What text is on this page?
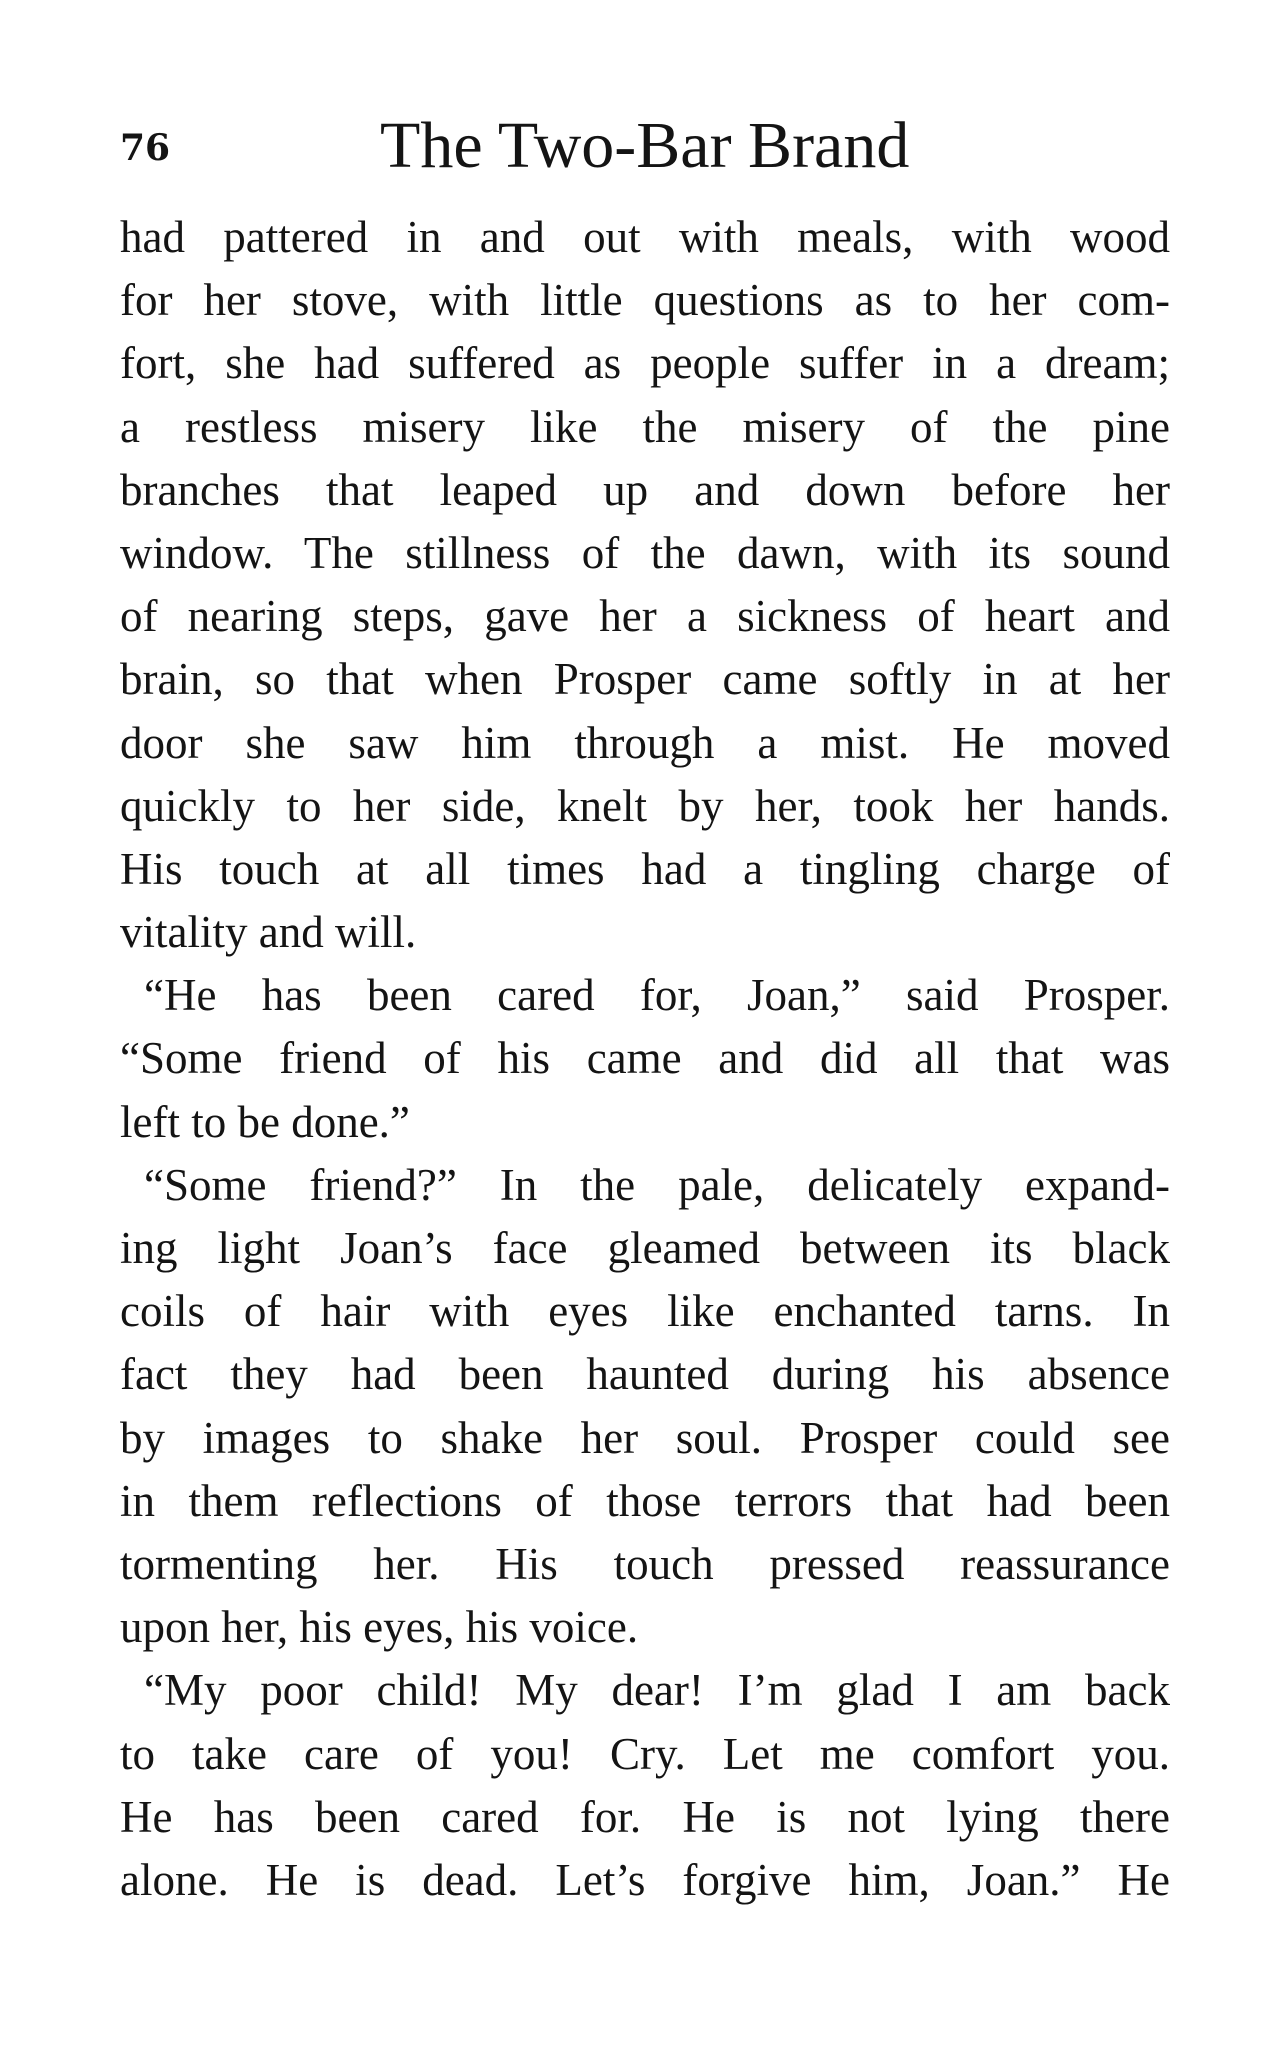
76	The Two-Bar Brand
had pattered in and out with meals, with wood
for her stove, with little questions as to her com-
fort, she had suffered as people suffer in a dream;
a restless misery like the misery of the pine
branches that leaped up and down before her
window. The stillness of the dawn, with its sound
of nearing steps, gave her a sickness of heart and
brain, so that when Prosper came softly in at her
door she saw him through a mist. He moved
quickly to her side, knelt by her, took her hands.
His touch at all times had a tingling charge of
vitality and will.
“He has been cared for, Joan,” said Prosper.
“Some friend of his came and did all that was
left to be done.”
“Some friend?” In the pale, delicately expand-
ing light Joan’s face gleamed between its black
coils of hair with eyes like enchanted tarns. In
fact they had been haunted during his absence
by images to shake her soul. Prosper could see
in them reflections of those terrors that had been
tormenting her. His touch pressed reassurance
upon her, his eyes, his voice.
“My poor child! My dear! I’m glad I am back
to take care of you! Cry. Let me comfort you.
He has been cared for. He is not lying there
alone. He is dead. Let’s forgive him, Joan.” He
